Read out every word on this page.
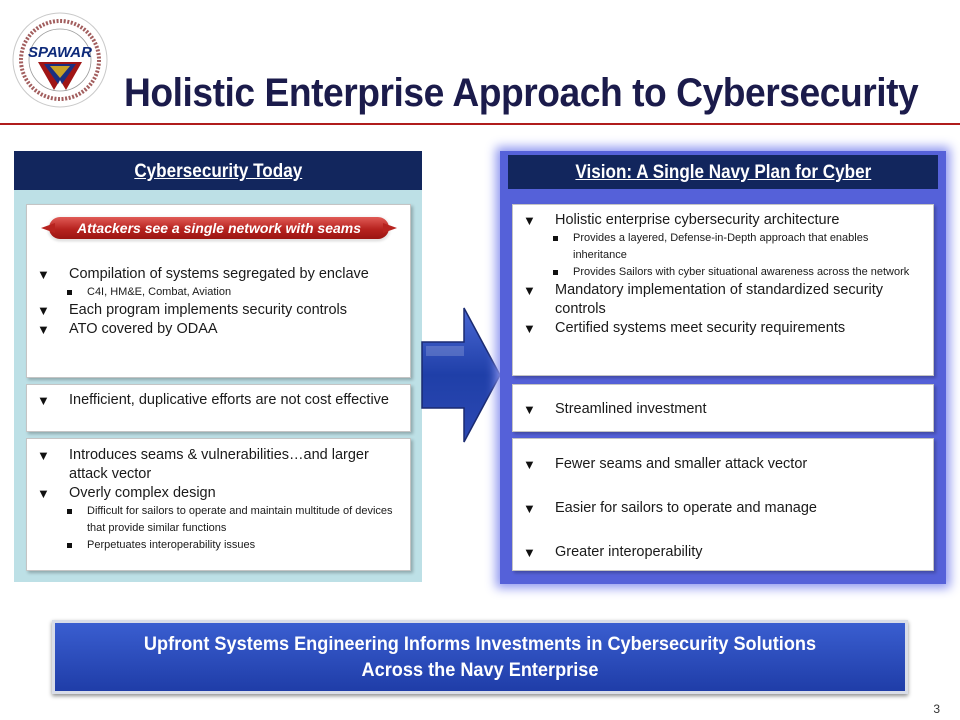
SPAWAR
Holistic Enterprise Approach to Cybersecurity
Cybersecurity Today
Attackers see a single network with seams
▼ Compilation of systems segregated by enclave
C4I, HM&E, Combat, Aviation
▼ Each program implements security controls
▼ ATO covered by ODAA
▼ Inefficient, duplicative efforts are not cost effective
▼ Introduces seams & vulnerabilities…and larger attack vector
▼ Overly complex design
Difficult for sailors to operate and maintain multitude of devices that provide similar functions
Perpetuates interoperability issues
Vision: A Single Navy Plan for Cyber
▼ Holistic enterprise cybersecurity architecture
Provides a layered, Defense-in-Depth approach that enables inheritance
Provides Sailors with cyber situational awareness across the network
▼ Mandatory implementation of standardized security controls
▼ Certified systems meet security requirements
▼ Streamlined investment
▼ Fewer seams and smaller attack vector
▼ Easier for sailors to operate and manage
▼ Greater interoperability
Upfront Systems Engineering Informs Investments in Cybersecurity Solutions
Across the Navy Enterprise
3
